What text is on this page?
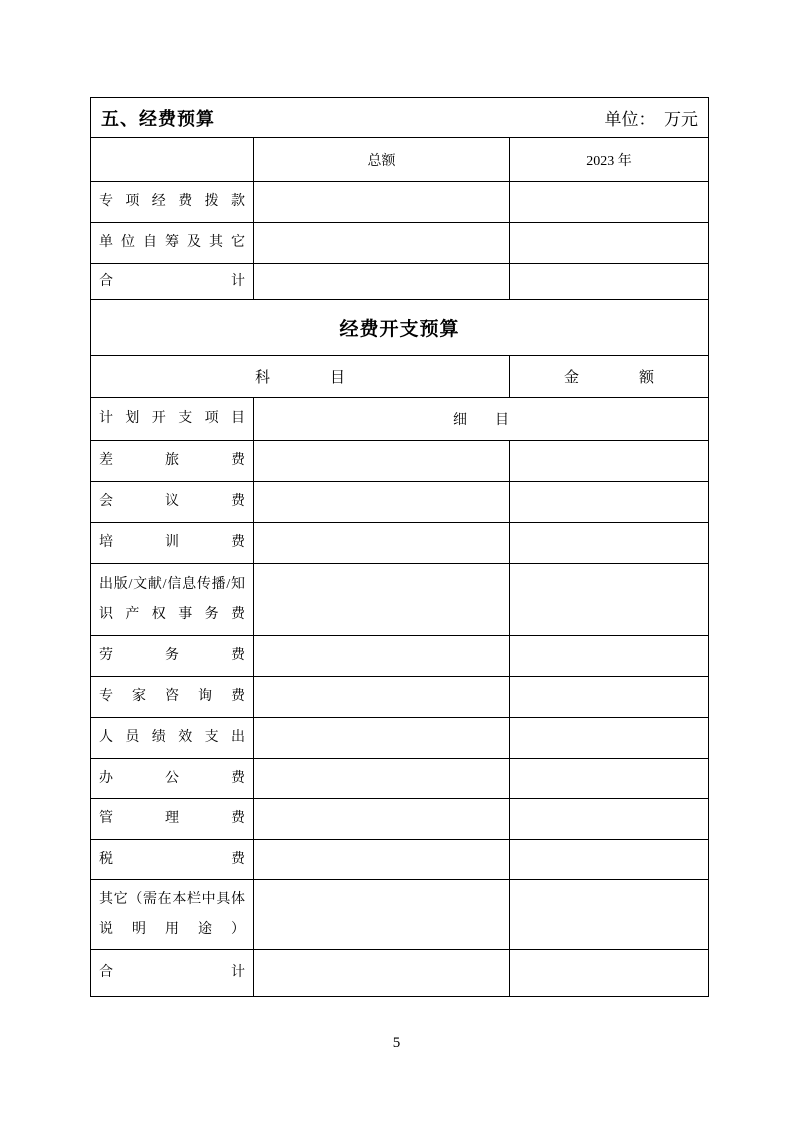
五、经费预算 单位：　万元		

	总额	2023 年
专项经费拨款		
单位自筹及其它		
合计		
经费开支预算		
科　　　　目		金　　　　额
计划开支项目	细　　目	
差旅费		
会议费		
培训费		
出版/文献/信息传播/知识产权事务费		
劳务费		
专家咨询费		
人员绩效支出		
办公费		
管理费		
税费		
其它（需在本栏中具体说明用途）		
合计		
5
